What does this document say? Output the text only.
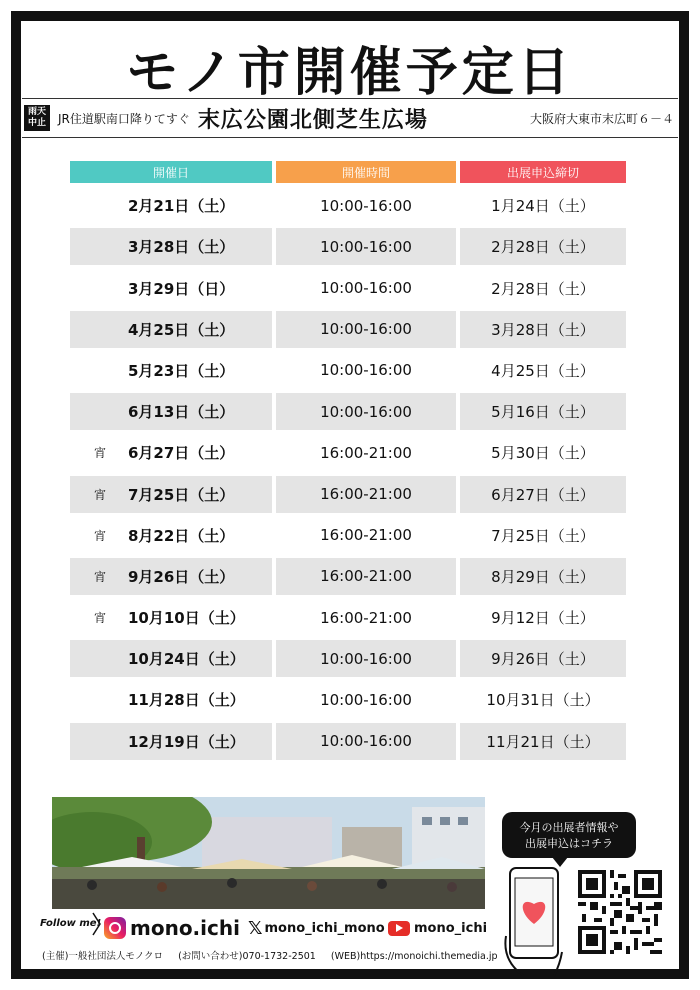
モノ市開催予定日
雨天
中止	JR住道駅南口降りてすぐ 末広公園北側芝生広場	大阪府大東市末広町６－４
開催日	開催時間	出展申込締切
2月21日（土）	10:00-16:00	1月24日（土）
3月28日（土）	10:00-16:00	2月28日（土）
3月29日（日）	10:00-16:00	2月28日（土）
4月25日（土）	10:00-16:00	3月28日（土）
5月23日（土）	10:00-16:00	4月25日（土）
6月13日（土）	10:00-16:00	5月16日（土）
宵	6月27日（土）	16:00-21:00	5月30日（土）
宵	7月25日（土）	16:00-21:00	6月27日（土）
宵	8月22日（土）	16:00-21:00	7月25日（土）
宵	9月26日（土）	16:00-21:00	8月29日（土）
宵	10月10日（土）	16:00-21:00	9月12日（土）
10月24日（土）	10:00-16:00	9月26日（土）
11月28日（土）	10:00-16:00	10月31日（土）
12月19日（土）	10:00-16:00	11月21日（土）
Follow me! mono.ichi 𝕏 mono_ichi_mono mono_ichi
(主催)一般社団法人モノクロ (お問い合わせ)070-1732-2501 (WEB)https://monoichi.themedia.jp
今月の出展者情報や
出展申込はコチラ
